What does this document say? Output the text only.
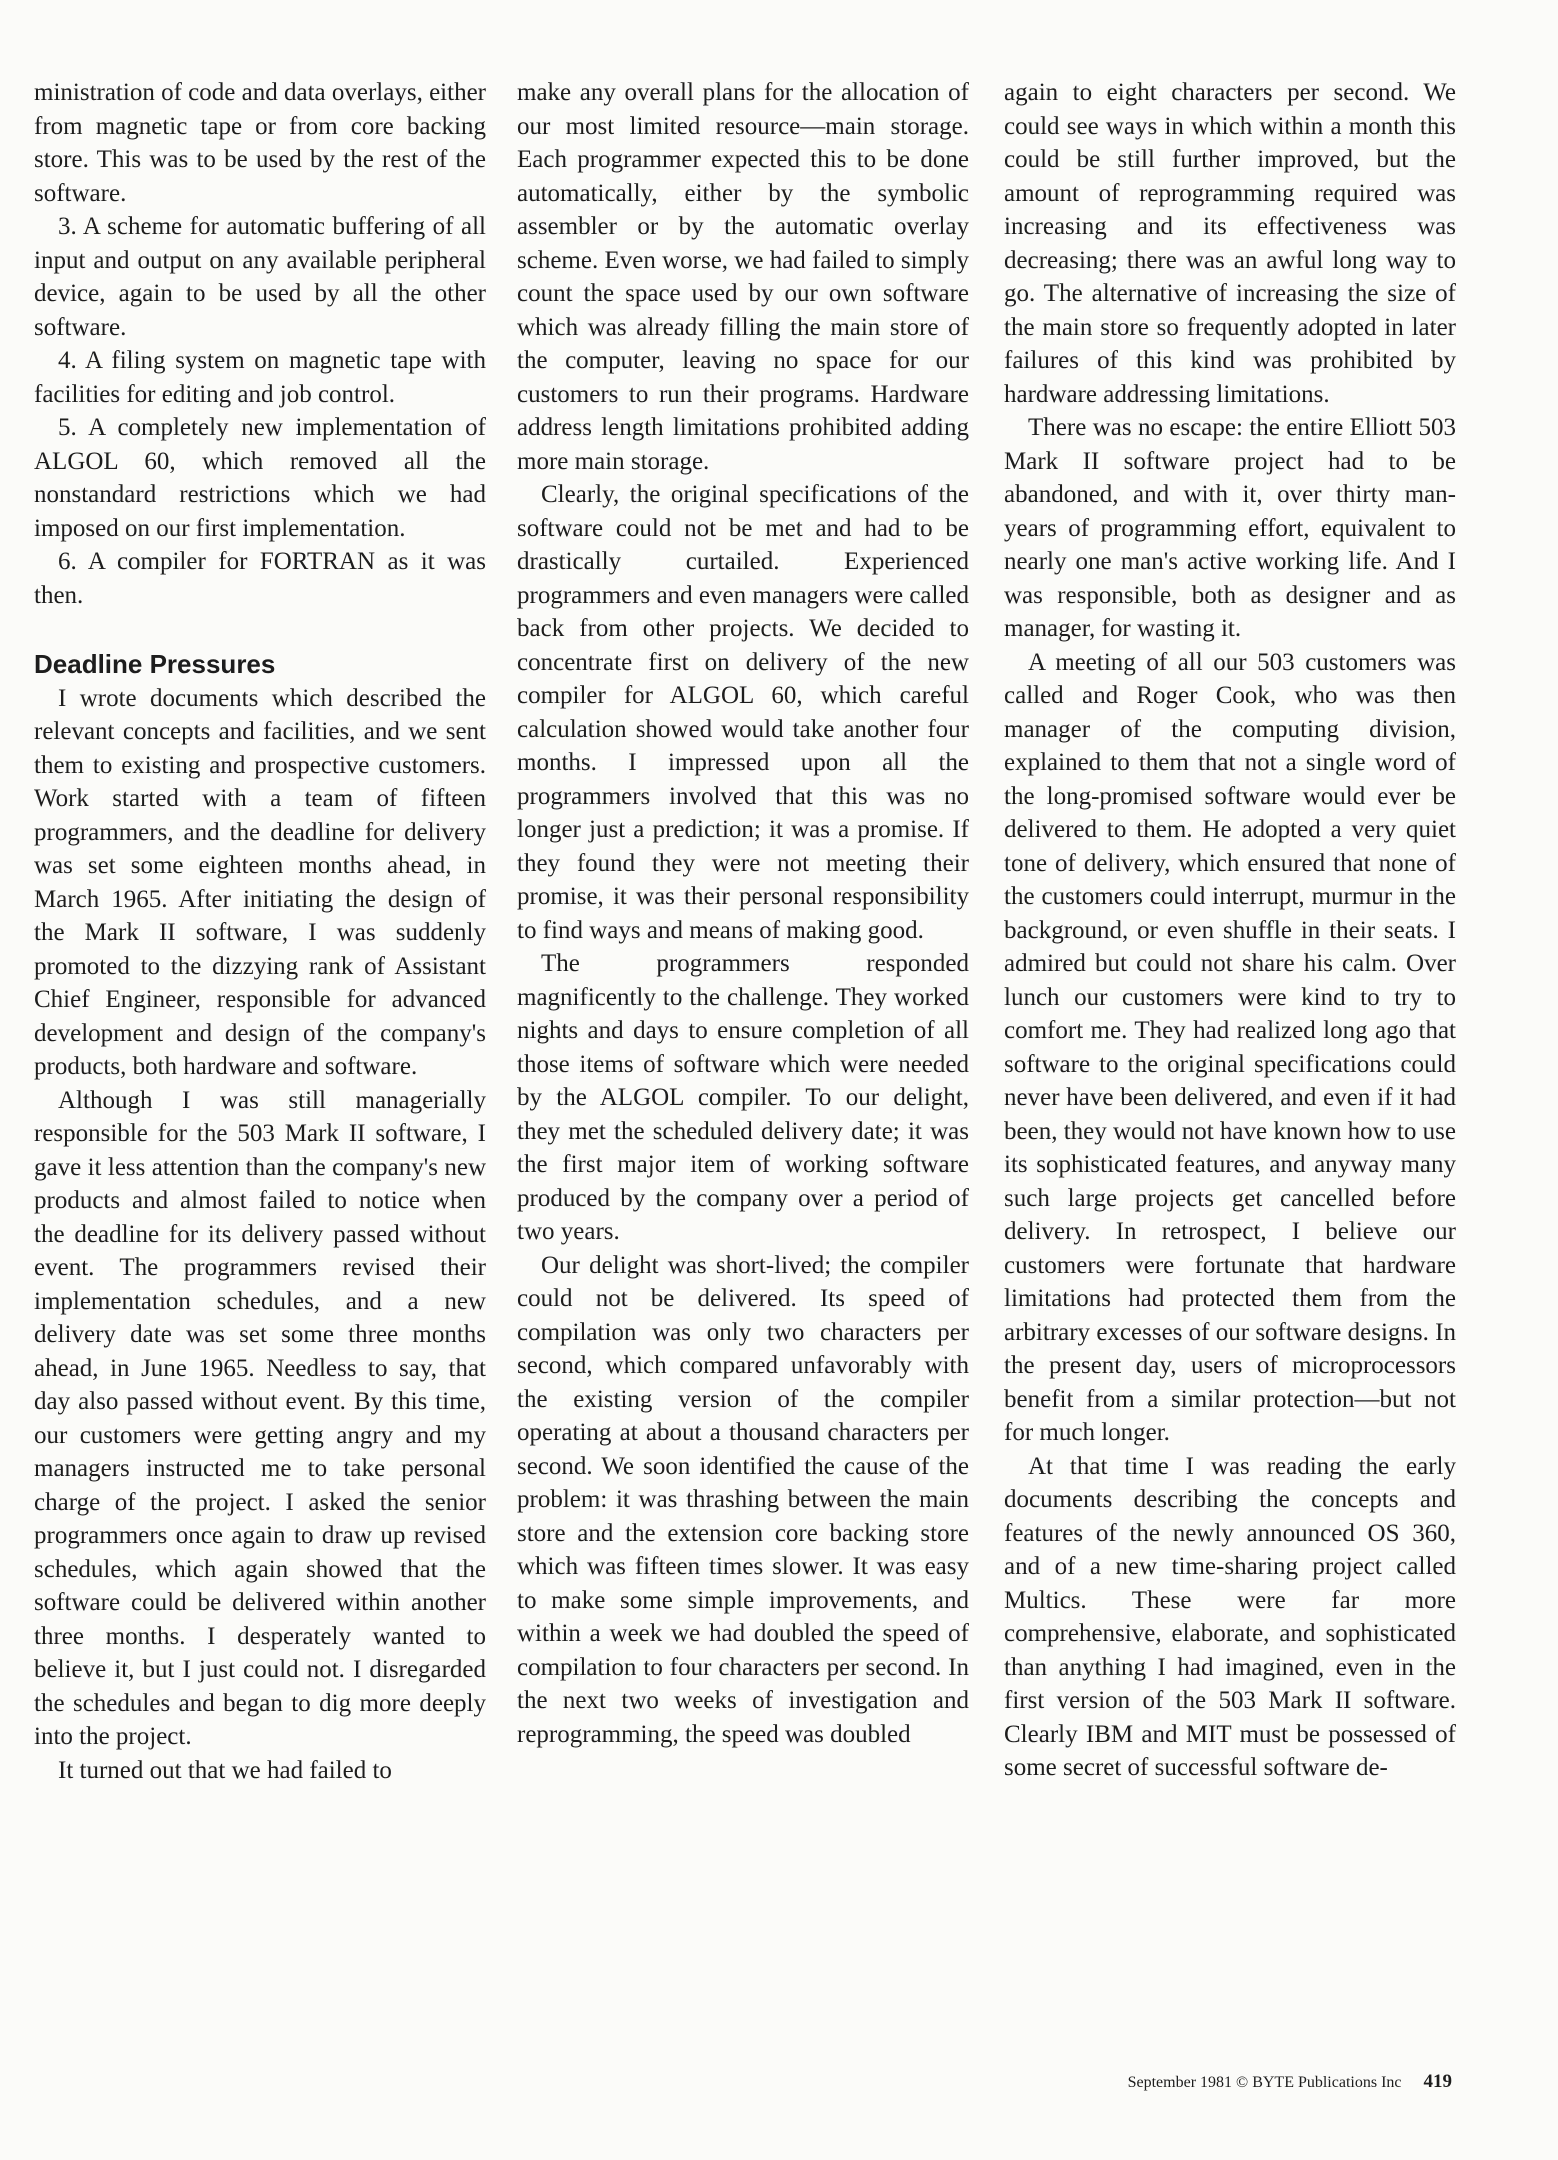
ministration of code and data overlays, either from magnetic tape or from core backing store. This was to be used by the rest of the software.

3. A scheme for automatic buffering of all input and output on any available peripheral device, again to be used by all the other software.

4. A filing system on magnetic tape with facilities for editing and job control.

5. A completely new implementation of ALGOL 60, which removed all the nonstandard restrictions which we had imposed on our first implementation.

6. A compiler for FORTRAN as it was then.

Deadline Pressures

I wrote documents which described the relevant concepts and facilities, and we sent them to existing and prospective customers. Work started with a team of fifteen programmers, and the deadline for delivery was set some eighteen months ahead, in March 1965. After initiating the design of the Mark II software, I was suddenly promoted to the dizzying rank of Assistant Chief Engineer, responsible for advanced development and design of the company's products, both hardware and software.

Although I was still managerially responsible for the 503 Mark II software, I gave it less attention than the company's new products and almost failed to notice when the deadline for its delivery passed without event. The programmers revised their implementation schedules, and a new delivery date was set some three months ahead, in June 1965. Needless to say, that day also passed without event. By this time, our customers were getting angry and my managers instructed me to take personal charge of the project. I asked the senior programmers once again to draw up revised schedules, which again showed that the software could be delivered within another three months. I desperately wanted to believe it, but I just could not. I disregarded the schedules and began to dig more deeply into the project.

It turned out that we had failed to

make any overall plans for the allocation of our most limited resource—main storage. Each programmer expected this to be done automatically, either by the symbolic assembler or by the automatic overlay scheme. Even worse, we had failed to simply count the space used by our own software which was already filling the main store of the computer, leaving no space for our customers to run their programs. Hardware address length limitations prohibited adding more main storage.

Clearly, the original specifications of the software could not be met and had to be drastically curtailed. Experienced programmers and even managers were called back from other projects. We decided to concentrate first on delivery of the new compiler for ALGOL 60, which careful calculation showed would take another four months. I impressed upon all the programmers involved that this was no longer just a prediction; it was a promise. If they found they were not meeting their promise, it was their personal responsibility to find ways and means of making good.

The programmers responded magnificently to the challenge. They worked nights and days to ensure completion of all those items of software which were needed by the ALGOL compiler. To our delight, they met the scheduled delivery date; it was the first major item of working software produced by the company over a period of two years.

Our delight was short-lived; the compiler could not be delivered. Its speed of compilation was only two characters per second, which compared unfavorably with the existing version of the compiler operating at about a thousand characters per second. We soon identified the cause of the problem: it was thrashing between the main store and the extension core backing store which was fifteen times slower. It was easy to make some simple improvements, and within a week we had doubled the speed of compilation to four characters per second. In the next two weeks of investigation and reprogramming, the speed was doubled

again to eight characters per second. We could see ways in which within a month this could be still further improved, but the amount of reprogramming required was increasing and its effectiveness was decreasing; there was an awful long way to go. The alternative of increasing the size of the main store so frequently adopted in later failures of this kind was prohibited by hardware addressing limitations.

There was no escape: the entire Elliott 503 Mark II software project had to be abandoned, and with it, over thirty man-years of programming effort, equivalent to nearly one man's active working life. And I was responsible, both as designer and as manager, for wasting it.

A meeting of all our 503 customers was called and Roger Cook, who was then manager of the computing division, explained to them that not a single word of the long-promised software would ever be delivered to them. He adopted a very quiet tone of delivery, which ensured that none of the customers could interrupt, murmur in the background, or even shuffle in their seats. I admired but could not share his calm. Over lunch our customers were kind to try to comfort me. They had realized long ago that software to the original specifications could never have been delivered, and even if it had been, they would not have known how to use its sophisticated features, and anyway many such large projects get cancelled before delivery. In retrospect, I believe our customers were fortunate that hardware limitations had protected them from the arbitrary excesses of our software designs. In the present day, users of microprocessors benefit from a similar protection—but not for much longer.

At that time I was reading the early documents describing the concepts and features of the newly announced OS 360, and of a new time-sharing project called Multics. These were far more comprehensive, elaborate, and sophisticated than anything I had imagined, even in the first version of the 503 Mark II software. Clearly IBM and MIT must be possessed of some secret of successful software de-

September 1981 © BYTE Publications Inc 419
